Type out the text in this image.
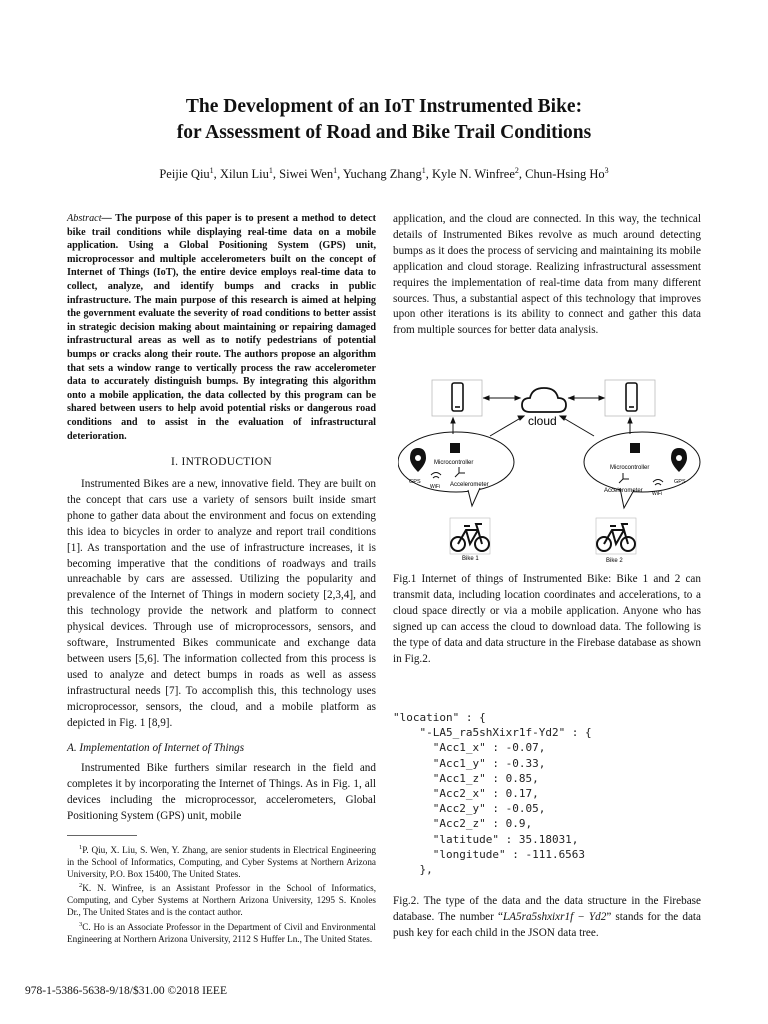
The Development of an IoT Instrumented Bike:
for Assessment of Road and Bike Trail Conditions
Peijie Qiu$^1$, Xilun Liu$^1$, Siwei Wen$^1$, Yuchang Zhang$^1$, Kyle N. Winfree$^2$, Chun-Hsing Ho$^3$
Abstract— The purpose of this paper is to present a method to detect bike trail conditions while displaying real-time data on a mobile application. Using a Global Positioning System (GPS) unit, microprocessor and multiple accelerometers built on the concept of Internet of Things (IoT), the entire device employs real-time data to collect, analyze, and identify bumps and cracks in public infrastructure. The main purpose of this research is aimed at helping the government evaluate the severity of road conditions to better assist in strategic decision making about maintaining or repairing damaged infrastructural areas as well as to notify pedestrians of potential bumps or cracks along their route. The authors propose an algorithm that sets a window range to vertically process the raw accelerometer data to accurately distinguish bumps. By integrating this algorithm onto a mobile application, the data collected by this program can be shared between users to help avoid potential risks or dangerous road conditions and to assist in the evaluation of infrastructural deterioration.
I. INTRODUCTION

Instrumented Bikes are a new, innovative field. They are built on the concept that cars use a variety of sensors built inside smart phone to gather data about the environment and focus on extending this idea to bicycles in order to analyze and report trail conditions [1]. As transportation and the use of infrastructure increases, it is becoming imperative that the conditions of roadways and trails unreachable by cars are assessed. Utilizing the popularity and prevalence of the Internet of Things in modern society [2,3,4], and this technology provide the network and platform to connect physical devices. Through use of microprocessors, sensors, and software, Instrumented Bikes communicate and exchange data between users [5,6]. The information collected from this process is used to analyze and detect bumps in roads as well as assess infrastructural needs [7]. To accomplish this, this technology uses microprocessor, sensors, the cloud, and a mobile platform as depicted in Fig. 1 [8,9].

A. Implementation of Internet of Things

Instrumented Bike furthers similar research in the field and completes it by incorporating the Internet of Things. As in Fig. 1, all devices including the microprocessor, accelerometers, Global Positioning System (GPS) unit, mobile

$^1$P. Qiu, X. Liu, S. Wen, Y. Zhang, are senior students in Electrical Engineering in the School of Informatics, Computing, and Cyber Systems at Northern Arizona University, P.O. Box 15400, The United States.
$^2$K. N. Winfree, is an Assistant Professor in the School of Informatics, Computing, and Cyber Systems at Northern Arizona University, 1295 S. Knoles Dr., The United States and is the contact author.
$^3$C. Ho is an Associate Professor in the Department of Civil and Environmental Engineering at Northern Arizona University, 2112 S Huffer Ln., The United States.

application, and the cloud are connected. In this way, the technical details of Instrumented Bikes revolve as much around detecting bumps as it does the process of servicing and maintaining its mobile application and cloud storage. Realizing infrastructural assessment requires the implementation of real-time data from many different sources. Thus, a substantial aspect of this technology that improves upon other iterations is its ability to connect and gather this data from multiple sources for better data analysis.

cloud
GPS
Microcontroller
Accelerometer
WiFi
GPS
Microcontroller
Accelerometer WiFi
Bike 1	Bike 2
Fig.1 Internet of things of Instrumented Bike: Bike 1 and 2 can transmit data, including location coordinates and accelerations, to a cloud space directly or via a mobile application. Anyone who has signed up can access the cloud to download data. The following is the type of data and data structure in the Firebase database as shown in Fig.2.
"location" : {
"-LA5_ra5shXixr1f-Yd2" : {
"Acc1_x" : -0.07,
"Acc1_y" : -0.33,
"Acc1_z" : 0.85,
"Acc2_x" : 0.17,
"Acc2_y" : -0.05,
"Acc2_z" : 0.9,
"latitude" : 35.18031,
"longitude" : -111.6563
},
Fig.2. The type of the data and the data structure in the Firebase database. The number “LA5ra5shxixr1f − Yd2” stands for the data push key for each child in the JSON data tree.
978-1-5386-5638-9/18/$31.00 ©2018 IEEE
